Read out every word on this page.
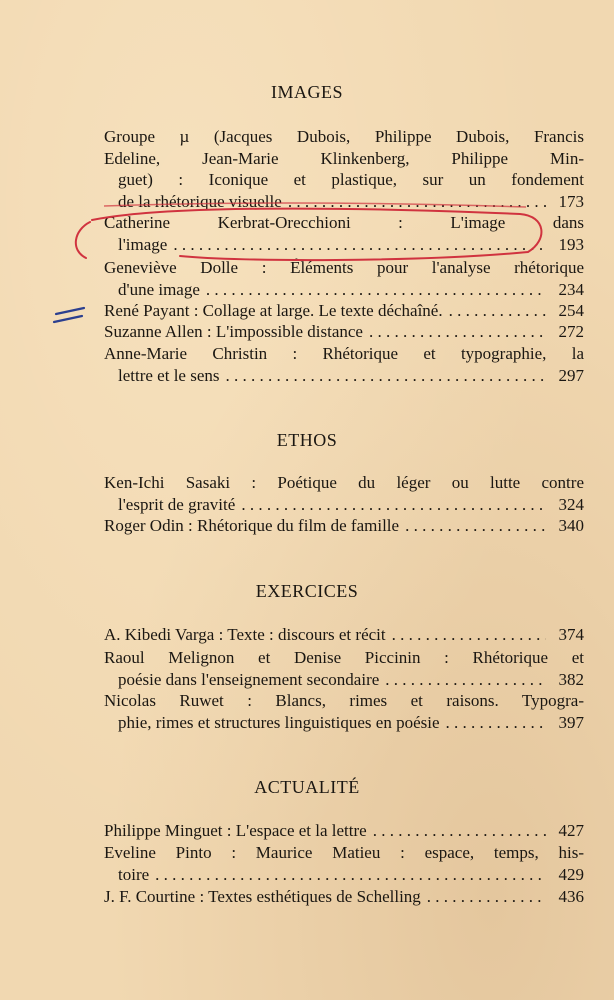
IMAGES
Groupe µ (Jacques Dubois, Philippe Dubois, Francis
Edeline, Jean-Marie Klinkenberg, Philippe Min-
guet) : Iconique et plastique, sur un fondement
de la rhétorique visuelle . . .	173
Catherine Kerbrat-Orecchioni : L'image dans
l'image . . .	193
Geneviève Dolle : Éléments pour l'analyse rhétorique
d'une image . . .	234
René Payant : Collage at large. Le texte déchaîné. . . .	254
Suzanne Allen : L'impossible distance . . .	272
Anne-Marie Christin : Rhétorique et typographie, la
lettre et le sens . . .	297
ETHOS
Ken-Ichi Sasaki : Poétique du léger ou lutte contre
l'esprit de gravité . . .	324
Roger Odin : Rhétorique du film de famille . . .	340
EXERCICES
A. Kibedi Varga : Texte : discours et récit . . .	374
Raoul Melignon et Denise Piccinin : Rhétorique et
poésie dans l'enseignement secondaire . . .	382
Nicolas Ruwet : Blancs, rimes et raisons. Typogra-
phie, rimes et structures linguistiques en poésie . . .	397
ACTUALITÉ
Philippe Minguet : L'espace et la lettre . . .	427
Eveline Pinto : Maurice Matieu : espace, temps, his-
toire . . .	429
J. F. Courtine : Textes esthétiques de Schelling . . .	436
